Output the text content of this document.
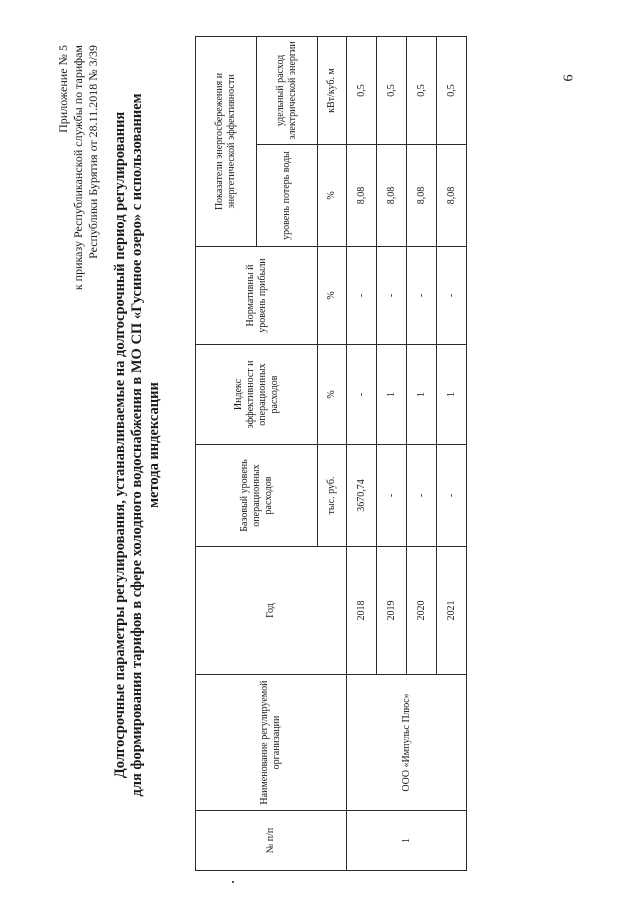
6
Приложение № 5 к приказу Республиканской службы по тарифам Республики Бурятия от 28.11.2018 № 3/39 Долгосрочные параметры регулирования, устанавливаемые на долгосрочный период регулирования для формирования тарифов в сфере холодного водоснабжения в МО СП «Гусиное озеро» с использованием метода индексации
№ п/п	Наименование регулируемой организации	Год	Базовый уровень операционных расходов	Индекс эффективност и операционных расходов	Нормативны й уровень прибыли	Показатели энергосбережения и энергетической эффективности	
						уровень потерь воды	удельный расход электрической энергии
			тыс. руб.	%	%	%	кВт/куб. м
1	ООО «Импульс Плюс»	2018	3670,74	-	-	8,08	0,5
		2019	-	1	-	8,08	0,5
		2020	-	1	-	8,08	0,5
		2021	-	1	-	8,08	0,5
